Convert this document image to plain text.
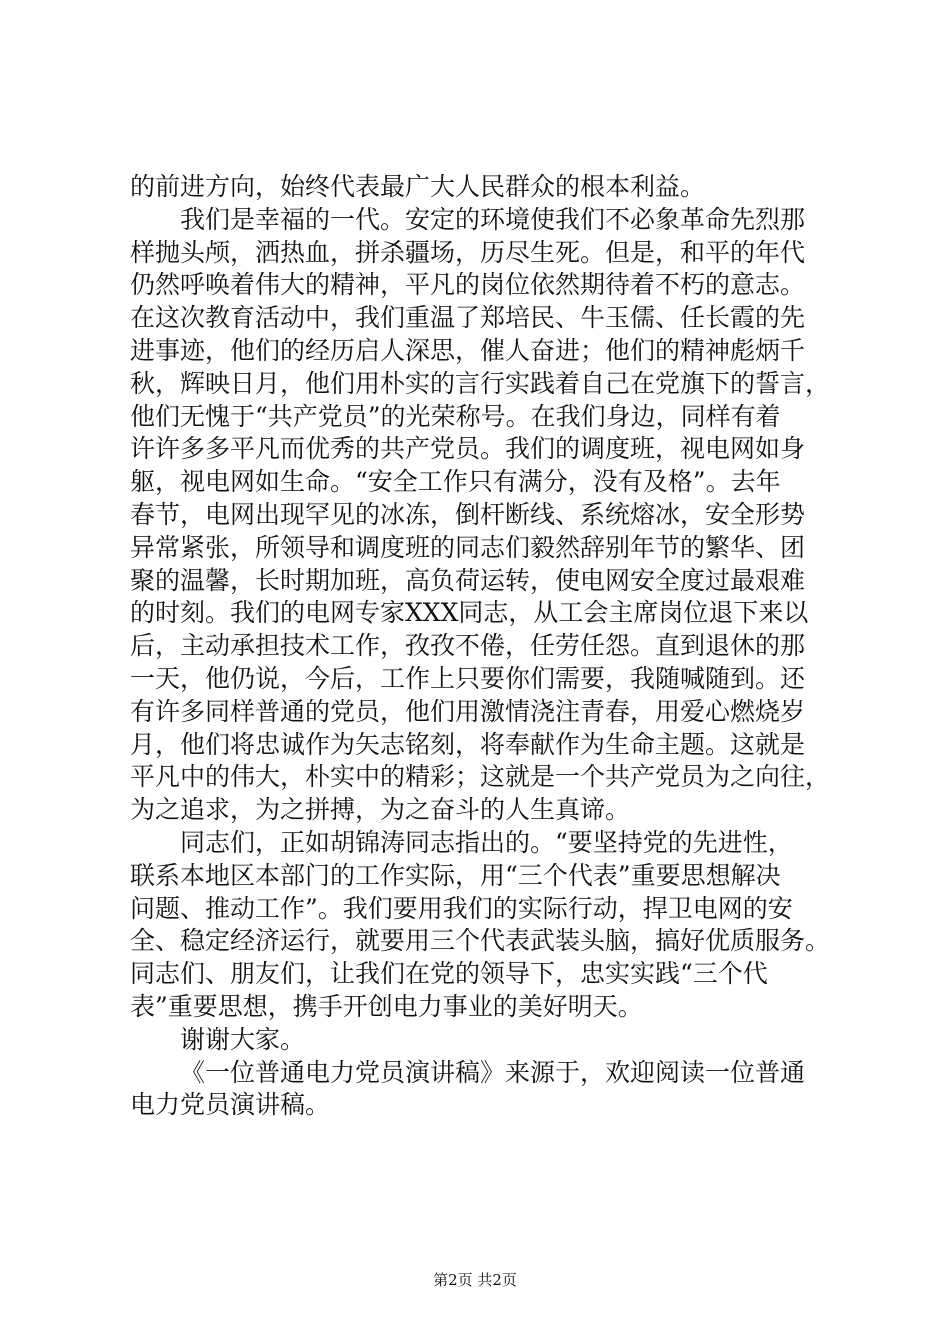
的前进方向，始终代表最广大人民群众的根本利益。
我们是幸福的一代。安定的环境使我们不必象革命先烈那
样抛头颅，洒热血，拼杀疆场，历尽生死。但是，和平的年代
仍然呼唤着伟大的精神，平凡的岗位依然期待着不朽的意志。
在这次教育活动中，我们重温了郑培民、牛玉儒、任长霞的先
进事迹，他们的经历启人深思，催人奋进；他们的精神彪炳千
秋，辉映日月，他们用朴实的言行实践着自己在党旗下的誓言，
他们无愧于“共产党员”的光荣称号。在我们身边，同样有着
许许多多平凡而优秀的共产党员。我们的调度班，视电网如身
躯，视电网如生命。“安全工作只有满分，没有及格”。去年
春节，电网出现罕见的冰冻，倒杆断线、系统熔冰，安全形势
异常紧张，所领导和调度班的同志们毅然辞别年节的繁华、团
聚的温馨，长时期加班，高负荷运转，使电网安全度过最艰难
的时刻。我们的电网专家XXX同志，从工会主席岗位退下来以
后，主动承担技术工作，孜孜不倦，任劳任怨。直到退休的那
一天，他仍说，今后，工作上只要你们需要，我随喊随到。还
有许多同样普通的党员，他们用激情浇注青春，用爱心燃烧岁
月，他们将忠诚作为矢志铭刻，将奉献作为生命主题。这就是
平凡中的伟大，朴实中的精彩；这就是一个共产党员为之向往，
为之追求，为之拼搏，为之奋斗的人生真谛。
同志们，正如胡锦涛同志指出的。“要坚持党的先进性，
联系本地区本部门的工作实际，用“三个代表”重要思想解决
问题、推动工作”。我们要用我们的实际行动，捍卫电网的安
全、稳定经济运行，就要用三个代表武装头脑，搞好优质服务。
同志们、朋友们，让我们在党的领导下，忠实实践“三个代
表”重要思想，携手开创电力事业的美好明天。
谢谢大家。
《一位普通电力党员演讲稿》来源于，欢迎阅读一位普通
电力党员演讲稿。
第2页 共2页
